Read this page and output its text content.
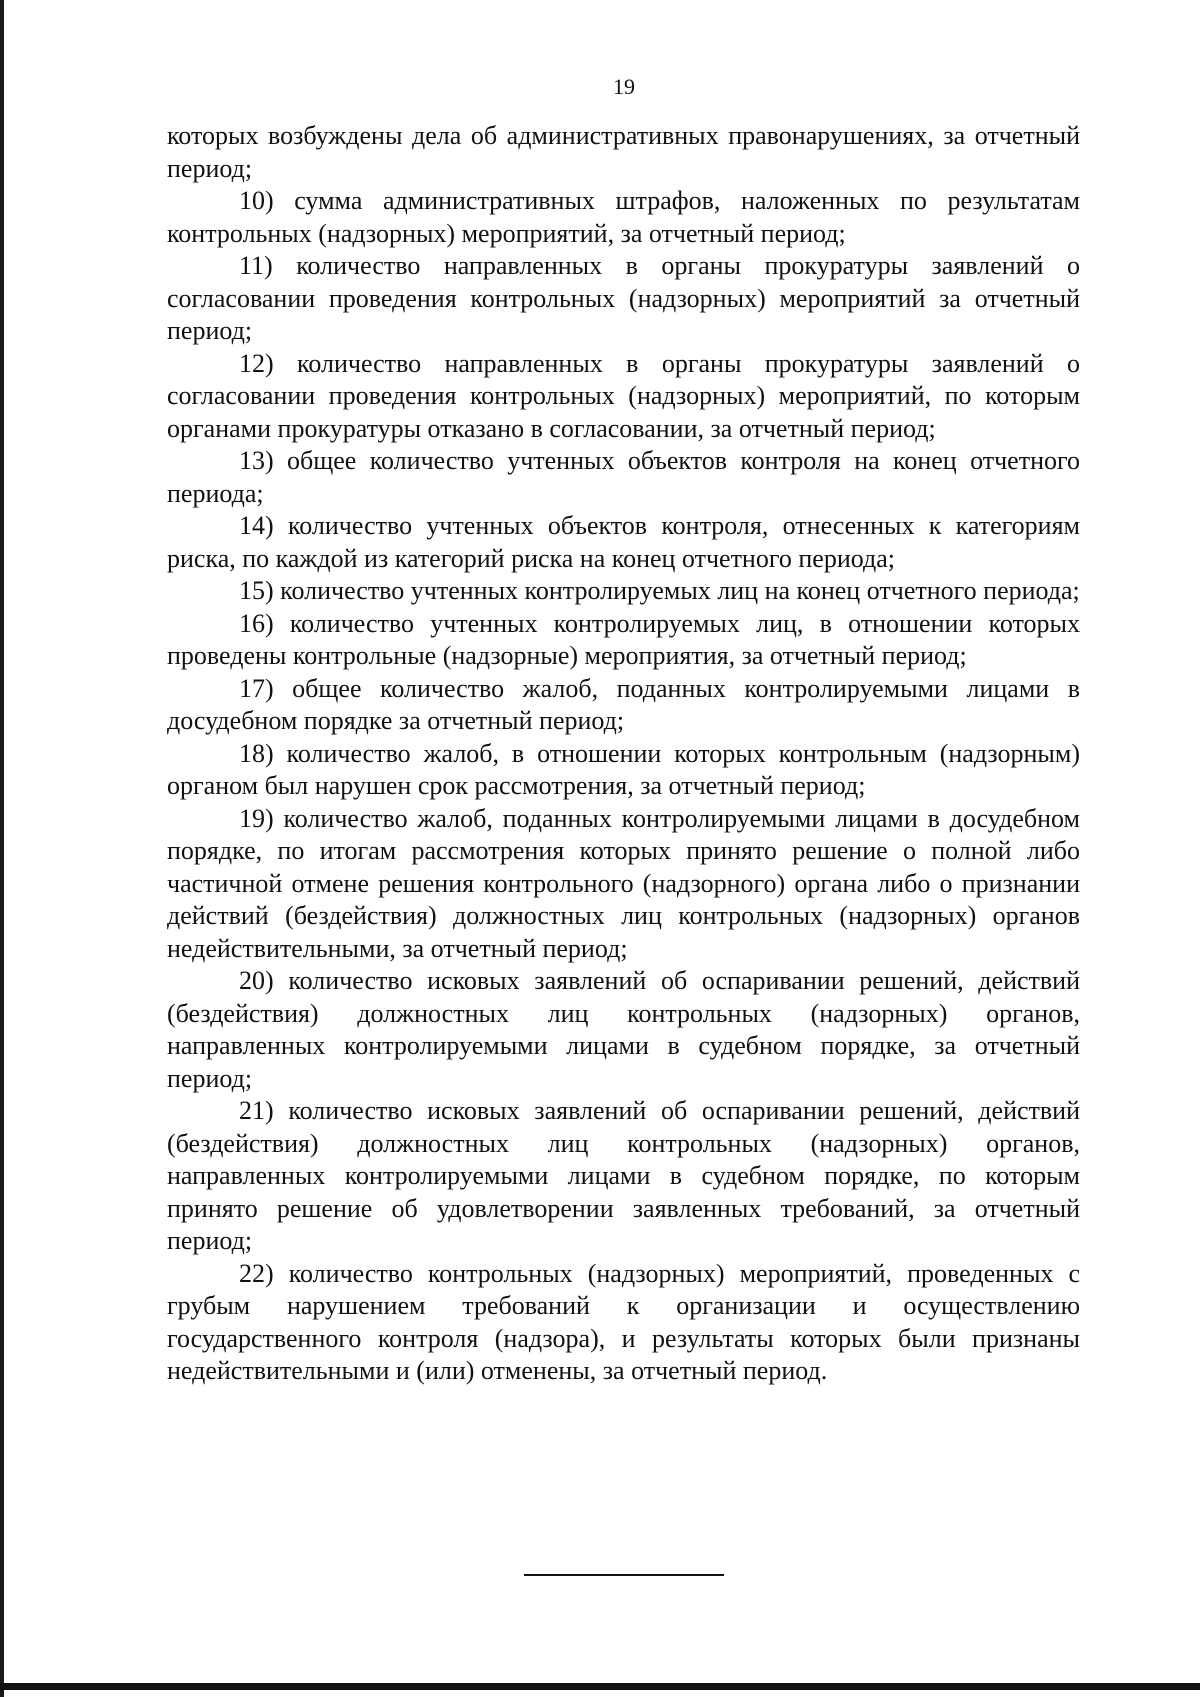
19

которых возбуждены дела об административных правонарушениях, за отчетный период;

10) сумма административных штрафов, наложенных по результатам контрольных (надзорных) мероприятий, за отчетный период;

11) количество направленных в органы прокуратуры заявлений о согласовании проведения контрольных (надзорных) мероприятий за отчетный период;

12) количество направленных в органы прокуратуры заявлений о согласовании проведения контрольных (надзорных) мероприятий, по которым органами прокуратуры отказано в согласовании, за отчетный период;

13) общее количество учтенных объектов контроля на конец отчетного периода;

14) количество учтенных объектов контроля, отнесенных к категориям риска, по каждой из категорий риска на конец отчетного периода;

15) количество учтенных контролируемых лиц на конец отчетного периода;

16) количество учтенных контролируемых лиц, в отношении которых проведены контрольные (надзорные) мероприятия, за отчетный период;

17) общее количество жалоб, поданных контролируемыми лицами в досудебном порядке за отчетный период;

18) количество жалоб, в отношении которых контрольным (надзорным) органом был нарушен срок рассмотрения, за отчетный период;

19) количество жалоб, поданных контролируемыми лицами в досудебном порядке, по итогам рассмотрения которых принято решение о полной либо частичной отмене решения контрольного (надзорного) органа либо о признании действий (бездействия) должностных лиц контрольных (надзорных) органов недействительными, за отчетный период;

20) количество исковых заявлений об оспаривании решений, действий (бездействия) должностных лиц контрольных (надзорных) органов, направленных контролируемыми лицами в судебном порядке, за отчетный период;

21) количество исковых заявлений об оспаривании решений, действий (бездействия) должностных лиц контрольных (надзорных) органов, направленных контролируемыми лицами в судебном порядке, по которым принято решение об удовлетворении заявленных требований, за отчетный период;

22) количество контрольных (надзорных) мероприятий, проведенных с грубым нарушением требований к организации и осуществлению государственного контроля (надзора), и результаты которых были признаны недействительными и (или) отменены, за отчетный период.
